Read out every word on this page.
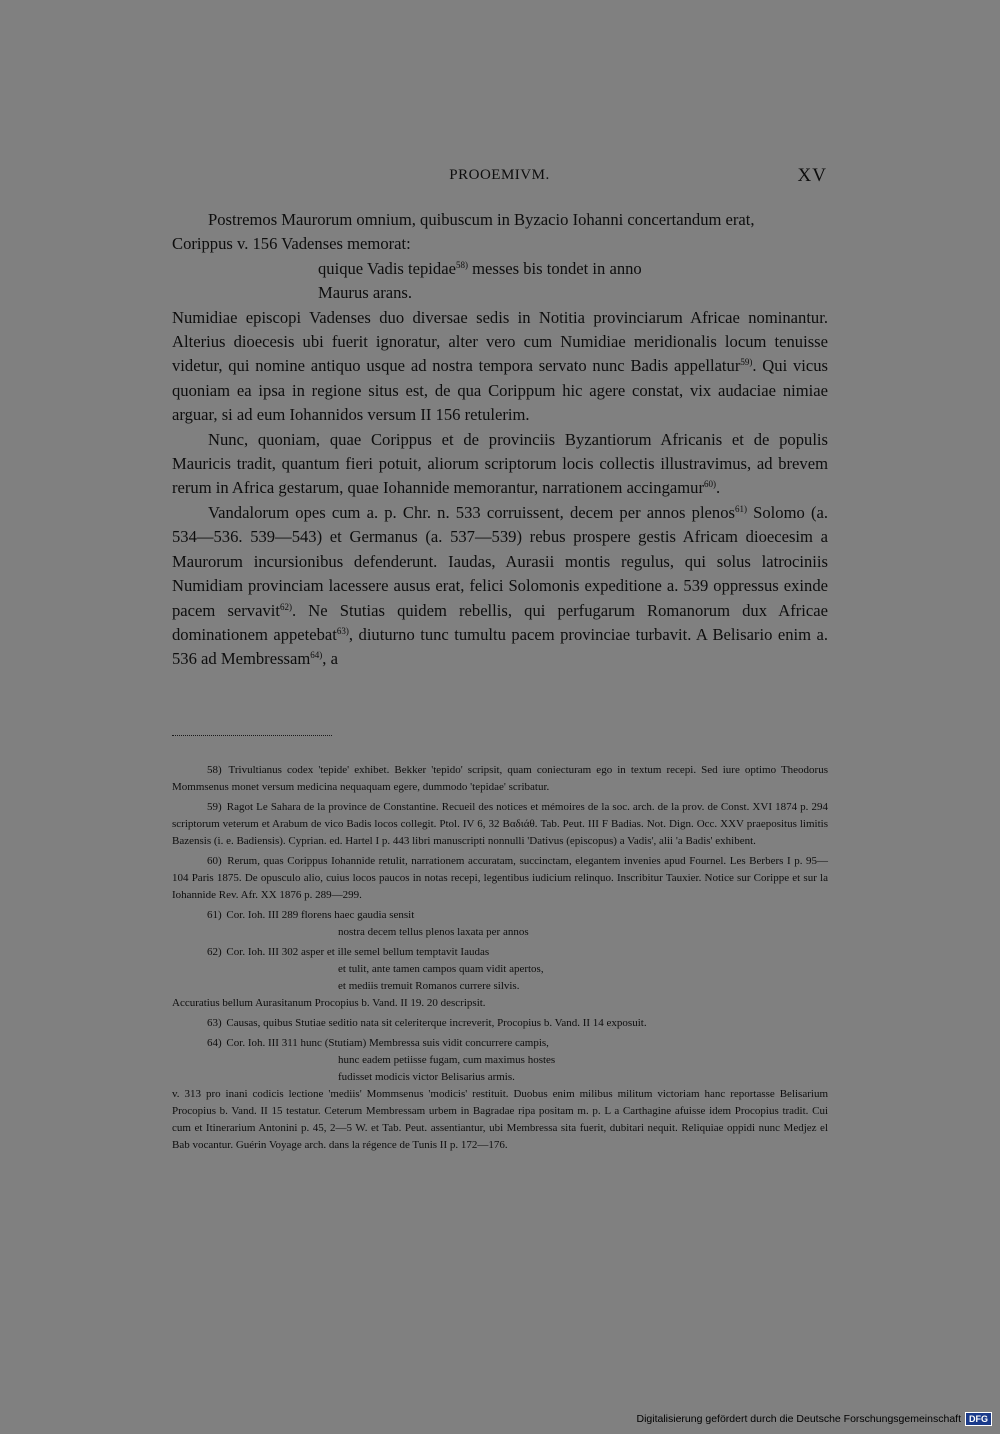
PROOEMIVM.	XV

Postremos Maurorum omnium, quibuscum in Byzacio Iohanni concertandum erat,
Corippus v. 156 Vadenses memorat:

quique Vadis tepidae$^{58)}$ messes bis tondet in anno
Maurus arans.

Numidiae episcopi Vadenses duo diversae sedis in Notitia provinciarum Africae nominantur. Alterius dioecesis ubi fuerit ignoratur, alter vero cum Numidiae meridionalis locum tenuisse videtur, qui nomine antiquo usque ad nostra tempora servato nunc Badis appellatur$^{59)}$. Qui vicus quoniam ea ipsa in regione situs est, de qua Corippum hic agere constat, vix audaciae nimiae arguar, si ad eum Iohannidos versum II 156 retulerim.

Nunc, quoniam, quae Corippus et de provinciis Byzantiorum Africanis et de populis Mauricis tradit, quantum fieri potuit, aliorum scriptorum locis collectis illustravimus, ad brevem rerum in Africa gestarum, quae Iohannide memorantur, narrationem accingamur$^{60)}$.

Vandalorum opes cum a. p. Chr. n. 533 corruissent, decem per annos plenos$^{61)}$ Solomo (a. 534—536. 539—543) et Germanus (a. 537—539) rebus prospere gestis Africam dioecesim a Maurorum incursionibus defenderunt. Iaudas, Aurasii montis regulus, qui solus latrociniis Numidiam provinciam lacessere ausus erat, felici Solomonis expeditione a. 539 oppressus exinde pacem servavit$^{62)}$. Ne Stutias quidem rebellis, qui perfugarum Romanorum dux Africae dominationem appetebat$^{63)}$, diuturno tunc tumultu pacem provinciae turbavit. A Belisario enim a. 536 ad Membressam$^{64)}$, a

58) Trivultianus codex 'tepide' exhibet. Bekker 'tepido' scripsit, quam coniecturam ego in textum recepi. Sed iure optimo Theodorus Mommsenus monet versum medicina nequaquam egere, dummodo 'tepidae' scribatur.
59) Ragot Le Sahara de la province de Constantine. Recueil des notices et mémoires de la soc. arch. de la prov. de Const. XVI 1874 p. 294 scriptorum veterum et Arabum de vico Badis locos collegit. Ptol. IV 6, 32 Βαδιάθ. Tab. Peut. III F Badias. Not. Dign. Occ. XXV praepositus limitis Bazensis (i. e. Badiensis). Cyprian. ed. Hartel I p. 443 libri manuscripti nonnulli 'Dativus (episcopus) a Vadis', alii 'a Badis' exhibent.
60) Rerum, quas Corippus Iohannide retulit, narrationem accuratam, succinctam, elegantem invenies apud Fournel. Les Berbers I p. 95—104 Paris 1875. De opusculo alio, cuius locos paucos in notas recepi, legentibus iudicium relinquo. Inscribitur Tauxier. Notice sur Corippe et sur la Iohannide Rev. Afr. XX 1876 p. 289—299.
61) Cor. Ioh. III 289 florens haec gaudia sensit
nostra decem tellus plenos laxata per annos
62) Cor. Ioh. III 302 asper et ille semel bellum temptavit Iaudas
et tulit, ante tamen campos quam vidit apertos,
et mediis tremuit Romanos currere silvis.
Accuratius bellum Aurasitanum Procopius b. Vand. II 19. 20 descripsit.
63) Causas, quibus Stutiae seditio nata sit celeriterque increverit, Procopius b. Vand. II 14 exposuit.
64) Cor. Ioh. III 311 hunc (Stutiam) Membressa suis vidit concurrere campis,
hunc eadem petiisse fugam, cum maximus hostes
fudisset modicis victor Belisarius armis.
v. 313 pro inani codicis lectione 'mediis' Mommsenus 'modicis' restituit. Duobus enim milibus militum victoriam hanc reportasse Belisarium Procopius b. Vand. II 15 testatur. Ceterum Membressam urbem in Bagradae ripa positam m. p. L a Carthagine afuisse idem Procopius tradit. Cui cum et Itinerarium Antonini p. 45, 2—5 W. et Tab. Peut. assentiantur, ubi Membressa sita fuerit, dubitari nequit. Reliquiae oppidi nunc Medjez el Bab vocantur. Guérin Voyage arch. dans la régence de Tunis II p. 172—176.
Digitalisierung gefördert durch die Deutsche Forschungsgemeinschaft DFG
